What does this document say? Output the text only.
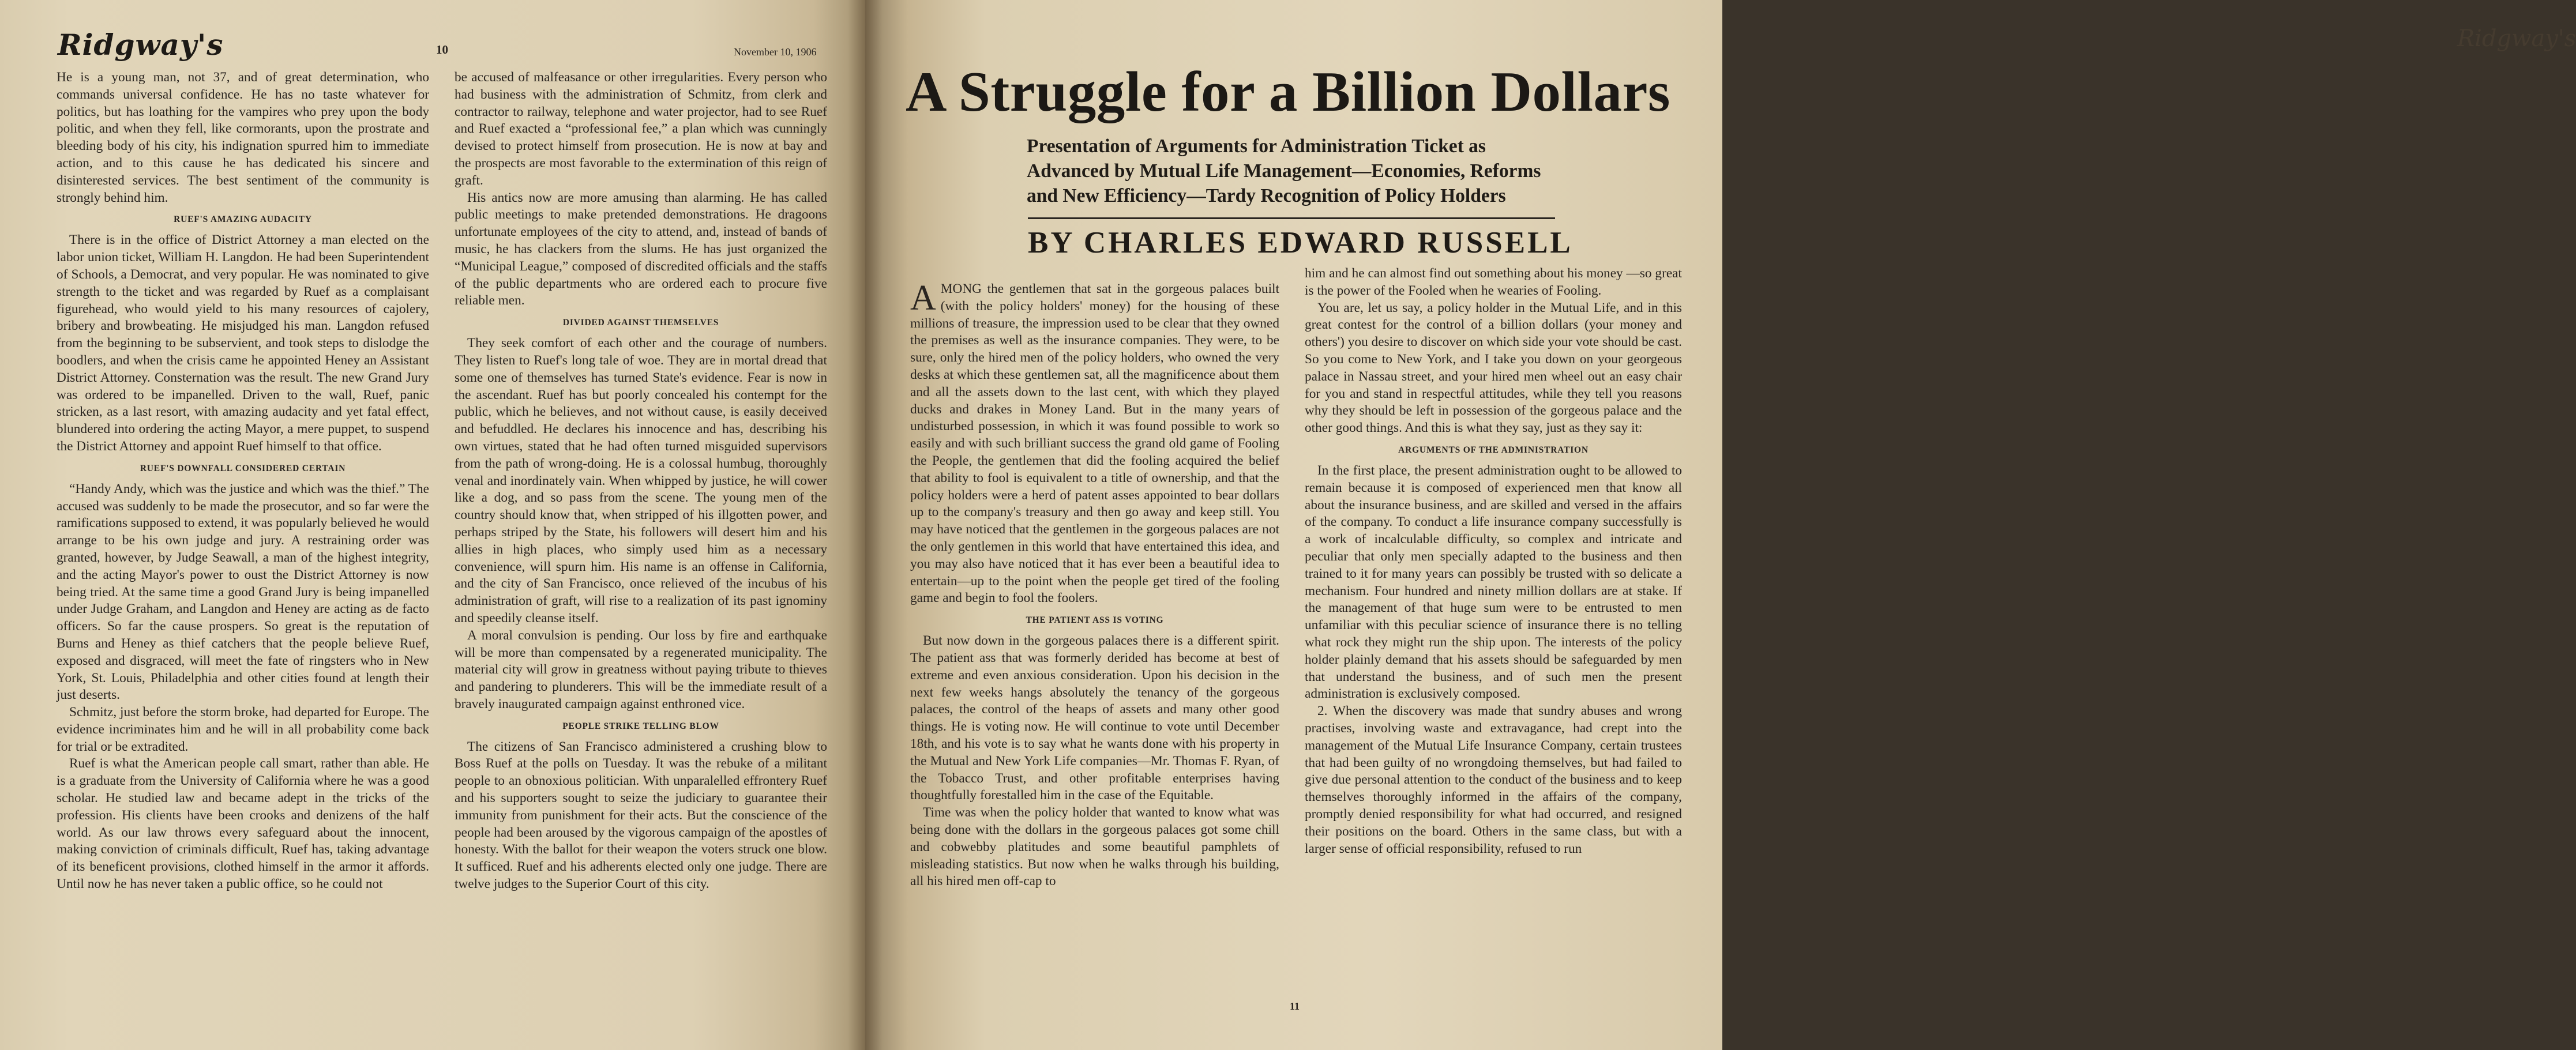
Ridgway's	10	November 10, 1906

He is a young man, not 37, and of great determination, who commands universal confidence. He has no taste whatever for politics, but has loathing for the vampires who prey upon the body politic, and when they fell, like cormorants, upon the prostrate and bleeding body of his city, his indignation spurred him to immediate action, and to this cause he has dedicated his sincere and disinterested services. The best sentiment of the community is strongly behind him.

RUEF'S AMAZING AUDACITY

There is in the office of District Attorney a man elected on the labor union ticket, William H. Langdon. He had been Superintendent of Schools, a Democrat, and very popular. He was nominated to give strength to the ticket and was regarded by Ruef as a complaisant figurehead, who would yield to his many resources of cajolery, bribery and browbeating. He misjudged his man. Langdon refused from the beginning to be subservient, and took steps to dislodge the boodlers, and when the crisis came he appointed Heney an Assistant District Attorney. Consternation was the result. The new Grand Jury was ordered to be impanelled. Driven to the wall, Ruef, panic stricken, as a last resort, with amazing audacity and yet fatal effect, blundered into ordering the acting Mayor, a mere puppet, to suspend the District Attorney and appoint Ruef himself to that office.

RUEF'S DOWNFALL CONSIDERED CERTAIN

“Handy Andy, which was the justice and which was the thief.” The accused was suddenly to be made the prosecutor, and so far were the ramifications supposed to extend, it was popularly believed he would arrange to be his own judge and jury. A restraining order was granted, however, by Judge Seawall, a man of the highest integrity, and the acting Mayor's power to oust the District Attorney is now being tried. At the same time a good Grand Jury is being impanelled under Judge Graham, and Langdon and Heney are acting as de facto officers. So far the cause prospers. So great is the reputation of Burns and Heney as thief catchers that the people believe Ruef, exposed and disgraced, will meet the fate of ringsters who in New York, St. Louis, Philadelphia and other cities found at length their just deserts.

Schmitz, just before the storm broke, had departed for Europe. The evidence incriminates him and he will in all probability come back for trial or be extradited.

Ruef is what the American people call smart, rather than able. He is a graduate from the University of California where he was a good scholar. He studied law and became adept in the tricks of the profession. His clients have been crooks and denizens of the half world. As our law throws every safeguard about the innocent, making conviction of criminals difficult, Ruef has, taking advantage of its beneficent provisions, clothed himself in the armor it affords. Until now he has never taken a public office, so he could not

be accused of malfeasance or other irregularities. Every person who had business with the administration of Schmitz, from clerk and contractor to railway, telephone and water projector, had to see Ruef and Ruef exacted a “professional fee,” a plan which was cunningly devised to protect himself from prosecution. He is now at bay and the prospects are most favorable to the extermination of this reign of graft.

His antics now are more amusing than alarming. He has called public meetings to make pretended demonstrations. He dragoons unfortunate employees of the city to attend, and, instead of bands of music, he has clackers from the slums. He has just organized the “Municipal League,” composed of discredited officials and the staffs of the public departments who are ordered each to procure five reliable men.

DIVIDED AGAINST THEMSELVES

They seek comfort of each other and the courage of numbers. They listen to Ruef's long tale of woe. They are in mortal dread that some one of themselves has turned State's evidence. Fear is now in the ascendant. Ruef has but poorly concealed his contempt for the public, which he believes, and not without cause, is easily deceived and befuddled. He declares his innocence and has, describing his own virtues, stated that he had often turned misguided supervisors from the path of wrong-doing. He is a colossal humbug, thoroughly venal and inordinately vain. When whipped by justice, he will cower like a dog, and so pass from the scene. The young men of the country should know that, when stripped of his illgotten power, and perhaps striped by the State, his followers will desert him and his allies in high places, who simply used him as a necessary convenience, will spurn him. His name is an offense in California, and the city of San Francisco, once relieved of the incubus of his administration of graft, will rise to a realization of its past ignominy and speedily cleanse itself.

A moral convulsion is pending. Our loss by fire and earthquake will be more than compensated by a regenerated municipality. The material city will grow in greatness without paying tribute to thieves and pandering to plunderers. This will be the immediate result of a bravely inaugurated campaign against enthroned vice.

PEOPLE STRIKE TELLING BLOW

The citizens of San Francisco administered a crushing blow to Boss Ruef at the polls on Tuesday. It was the rebuke of a militant people to an obnoxious politician. With unparalelled effrontery Ruef and his supporters sought to seize the judiciary to guarantee their immunity from punishment for their acts. But the conscience of the people had been aroused by the vigorous campaign of the apostles of honesty. With the ballot for their weapon the voters struck one blow. It sufficed. Ruef and his adherents elected only one judge. There are twelve judges to the Superior Court of this city.

Ridgway's
A Struggle for a Billion Dollars
Presentation of Arguments for Administration Ticket as Advanced by Mutual Life Management—Economies, Reforms and New Efficiency—Tardy Recognition of Policy Holders
BY CHARLES EDWARD RUSSELL

AMONG the gentlemen that sat in the gorgeous palaces built (with the policy holders' money) for the housing of these millions of treasure, the impression used to be clear that they owned the premises as well as the insurance companies. They were, to be sure, only the hired men of the policy holders, who owned the very desks at which these gentlemen sat, all the magnificence about them and all the assets down to the last cent, with which they played ducks and drakes in Money Land. But in the many years of undisturbed possession, in which it was found possible to work so easily and with such brilliant success the grand old game of Fooling the People, the gentlemen that did the fooling acquired the belief that ability to fool is equivalent to a title of ownership, and that the policy holders were a herd of patent asses appointed to bear dollars up to the company's treasury and then go away and keep still. You may have noticed that the gentlemen in the gorgeous palaces are not the only gentlemen in this world that have entertained this idea, and you may also have noticed that it has ever been a beautiful idea to entertain—up to the point when the people get tired of the fooling game and begin to fool the foolers.

THE PATIENT ASS IS VOTING

But now down in the gorgeous palaces there is a different spirit. The patient ass that was formerly derided has become at best of extreme and even anxious consideration. Upon his decision in the next few weeks hangs absolutely the tenancy of the gorgeous palaces, the control of the heaps of assets and many other good things. He is voting now. He will continue to vote until December 18th, and his vote is to say what he wants done with his property in the Mutual and New York Life companies—Mr. Thomas F. Ryan, of the Tobacco Trust, and other profitable enterprises having thoughtfully forestalled him in the case of the Equitable.

Time was when the policy holder that wanted to know what was being done with the dollars in the gorgeous palaces got some chill and cobwebby platitudes and some beautiful pamphlets of misleading statistics. But now when he walks through his building, all his hired men off-cap to

him and he can almost find out something about his money —so great is the power of the Fooled when he wearies of Fooling.

You are, let us say, a policy holder in the Mutual Life, and in this great contest for the control of a billion dollars (your money and others') you desire to discover on which side your vote should be cast. So you come to New York, and I take you down on your georgeous palace in Nassau street, and your hired men wheel out an easy chair for you and stand in respectful attitudes, while they tell you reasons why they should be left in possession of the gorgeous palace and the other good things. And this is what they say, just as they say it:

ARGUMENTS OF THE ADMINISTRATION

In the first place, the present administration ought to be allowed to remain because it is composed of experienced men that know all about the insurance business, and are skilled and versed in the affairs of the company. To conduct a life insurance company successfully is a work of incalculable difficulty, so complex and intricate and peculiar that only men specially adapted to the business and then trained to it for many years can possibly be trusted with so delicate a mechanism. Four hundred and ninety million dollars are at stake. If the management of that huge sum were to be entrusted to men unfamiliar with this peculiar science of insurance there is no telling what rock they might run the ship upon. The interests of the policy holder plainly demand that his assets should be safeguarded by men that understand the business, and of such men the present administration is exclusively composed.

2. When the discovery was made that sundry abuses and wrong practises, involving waste and extravagance, had crept into the management of the Mutual Life Insurance Company, certain trustees that had been guilty of no wrongdoing themselves, but had failed to give due personal attention to the conduct of the business and to keep themselves thoroughly informed in the affairs of the company, promptly denied responsibility for what had occurred, and resigned their positions on the board. Others in the same class, but with a larger sense of official responsibility, refused to run

11
